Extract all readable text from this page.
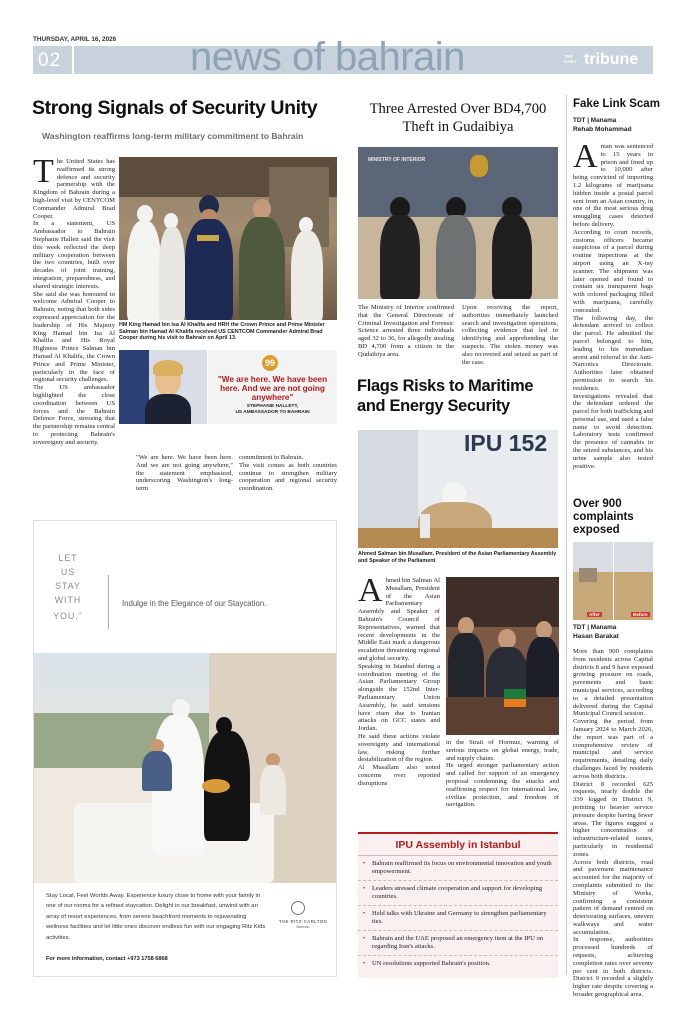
THURSDAY, APRIL 16, 2026
02	news of bahrain	THE DAILY tribune
Strong Signals of Security Unity
Washington reaffirms long-term military commitment to Bahrain
The United States has reaffirmed its strong defence and security partnership with the Kingdom of Bahrain during a high-level visit by CENTCOM Commander Admiral Brad Cooper.
In a statement, US Ambassador to Bahrain Stephanie Hallett said the visit this week reflected the deep military cooperation between the two countries, built over decades of joint training, integration, preparedness, and shared strategic interests.
She said she was honoured to welcome Admiral Cooper to Bahrain, noting that both sides expressed appreciation for the leadership of His Majesty King Hamad bin Isa Al Khalifa and His Royal Highness Prince Salman bin Hamad Al Khalifa, the Crown Prince and Prime Minister, particularly in the face of regional security challenges.
The US ambassador highlighted the close coordination between US forces and the Bahrain Defence Force, stressing that the partnership remains central to protecting Bahrain's sovereignty and security.
HM King Hamad bin Isa Al Khalifa and HRH the Crown Prince and Prime Minister Salman bin Hamad Al Khalifa received US CENTCOM Commander Admiral Brad Cooper during his visit to Bahrain on April 13.
99
"We are here. We have been here. And we are not going anywhere"
STEPHANIE HALLETT,
US AMBASSADOR TO BAHRAIN
"We are here. We have been here. And we are not going anywhere," the statement emphasized, underscoring Washington's long-term
commitment to Bahrain.
The visit comes as both countries continue to strengthen military cooperation and regional security coordination.
Three Arrested Over BD4,700 Theft in Gudaibiya
MINISTRY OF INTERIOR
The Ministry of Interior confirmed that the General Directorate of Criminal Investigation and Forensic Science arrested three individuals aged 32 to 36, for allegedly stealing BD 4,700 from a citizen in the Qudaibiya area.
Upon receiving the report, authorities immediately launched search and investigation operations, collecting evidence that led to identifying and apprehending the suspects. The stolen money was also recovered and seized as part of the case.
Flags Risks to Maritime and Energy Security
IPU 152
Ahmed Salman bin Musallam, President of the Asian Parliamentary Assembly and Speaker of the Parliament
Ahmed bin Salman Al Musallam, President of the Asian Parliamentary Assembly and Speaker of Bahrain's Council of Representatives, warned that recent developments in the Middle East mark a dangerous escalation threatening regional and global security.
Speaking in Istanbul during a coordination meeting of the Asian Parliamentary Group alongside the 152nd Inter-Parliamentary Union Assembly, he said tensions have risen due to Iranian attacks on GCC states and Jordan.
He said these actions violate sovereignty and international law, risking further destabilization of the region.
Al Musallam also noted concerns over reported disruptions
in the Strait of Hormuz, warning of serious impacts on global energy, trade, and supply chains.
He urged stronger parliamentary action and called for support of an emergency proposal condemning the attacks and reaffirming respect for international law, civilian protection, and freedom of navigation.
IPU Assembly in Istanbul
• Bahrain reaffirmed its focus on environmental innovation and youth empowerment.
• Leaders stressed climate cooperation and support for developing countries.
• Held talks with Ukraine and Germany to strengthen parliamentary ties.
• Bahrain and the UAE proposed an emergency item at the IPU on regarding Iran's attacks.
• UN resolutions supported Bahrain's position.
Fake Link Scam
TDT | Manama
Rehab Mohammad
A man was sentenced to 15 years in prison and fined up to 10,000 after being convicted of importing 1.2 kilograms of marijuana hidden inside a postal parcel sent from an Asian country, in one of the most serious drug smuggling cases detected before delivery.
According to court records, customs officers became suspicious of a parcel during routine inspections at the airport using an X-ray scanner. The shipment was later opened and found to contain six transparent bags with colored packaging filled with marijuana, carefully concealed.
The following day, the defendant arrived to collect the parcel. He admitted the parcel belonged to him, leading to his immediate arrest and referral to the Anti-Narcotics Directorate. Authorities later obtained permission to search his residence.
Investigations revealed that the defendant ordered the parcel for both trafficking and personal use, and used a false name to avoid detection. Laboratory tests confirmed the presence of cannabis in the seized substances, and his urine sample also tested positive.
Over 900 complaints exposed
After	Before
TDT | Manama
Hasan Barakat
More than 900 complaints from residents across Capital districts 8 and 9 have exposed growing pressure on roads, pavements and basic municipal services, according to a detailed presentation delivered during the Capital Municipal Council session.
Covering the period from January 2024 to March 2026, the report was part of a comprehensive review of municipal and service requirements, detailing daily challenges faced by residents across both districts.
District 8 recorded 625 requests, nearly double the 339 logged in District 9, pointing to heavier service pressure despite having fewer areas. The figures suggest a higher concentration of infrastructure-related issues, particularly in residential zones.
Across both districts, road and pavement maintenance accounted for the majority of complaints submitted to the Ministry of Works, confirming a consistent pattern of demand centred on deteriorating surfaces, uneven walkways and water accumulation.
In response, authorities processed hundreds of requests, achieving completion rates over seventy per cent in both districts. District 9 recorded a slightly higher rate despite covering a broader geographical area.
LET
US
STAY
WITH
YOU.®
Indulge in the Elegance of our Staycation.
Stay Local, Feel Worlds Away. Experience luxury close to home with your family in one of our rooms for a refined staycation. Delight in our breakfast, unwind with an array of resort experiences, from serene beachfront moments to rejuvenating wellness facilities and let little ones discover endless fun with our engaging Ritz Kids activities.
For more information, contact +973 1758 6868
THE RITZ-CARLTON
Bahrain
